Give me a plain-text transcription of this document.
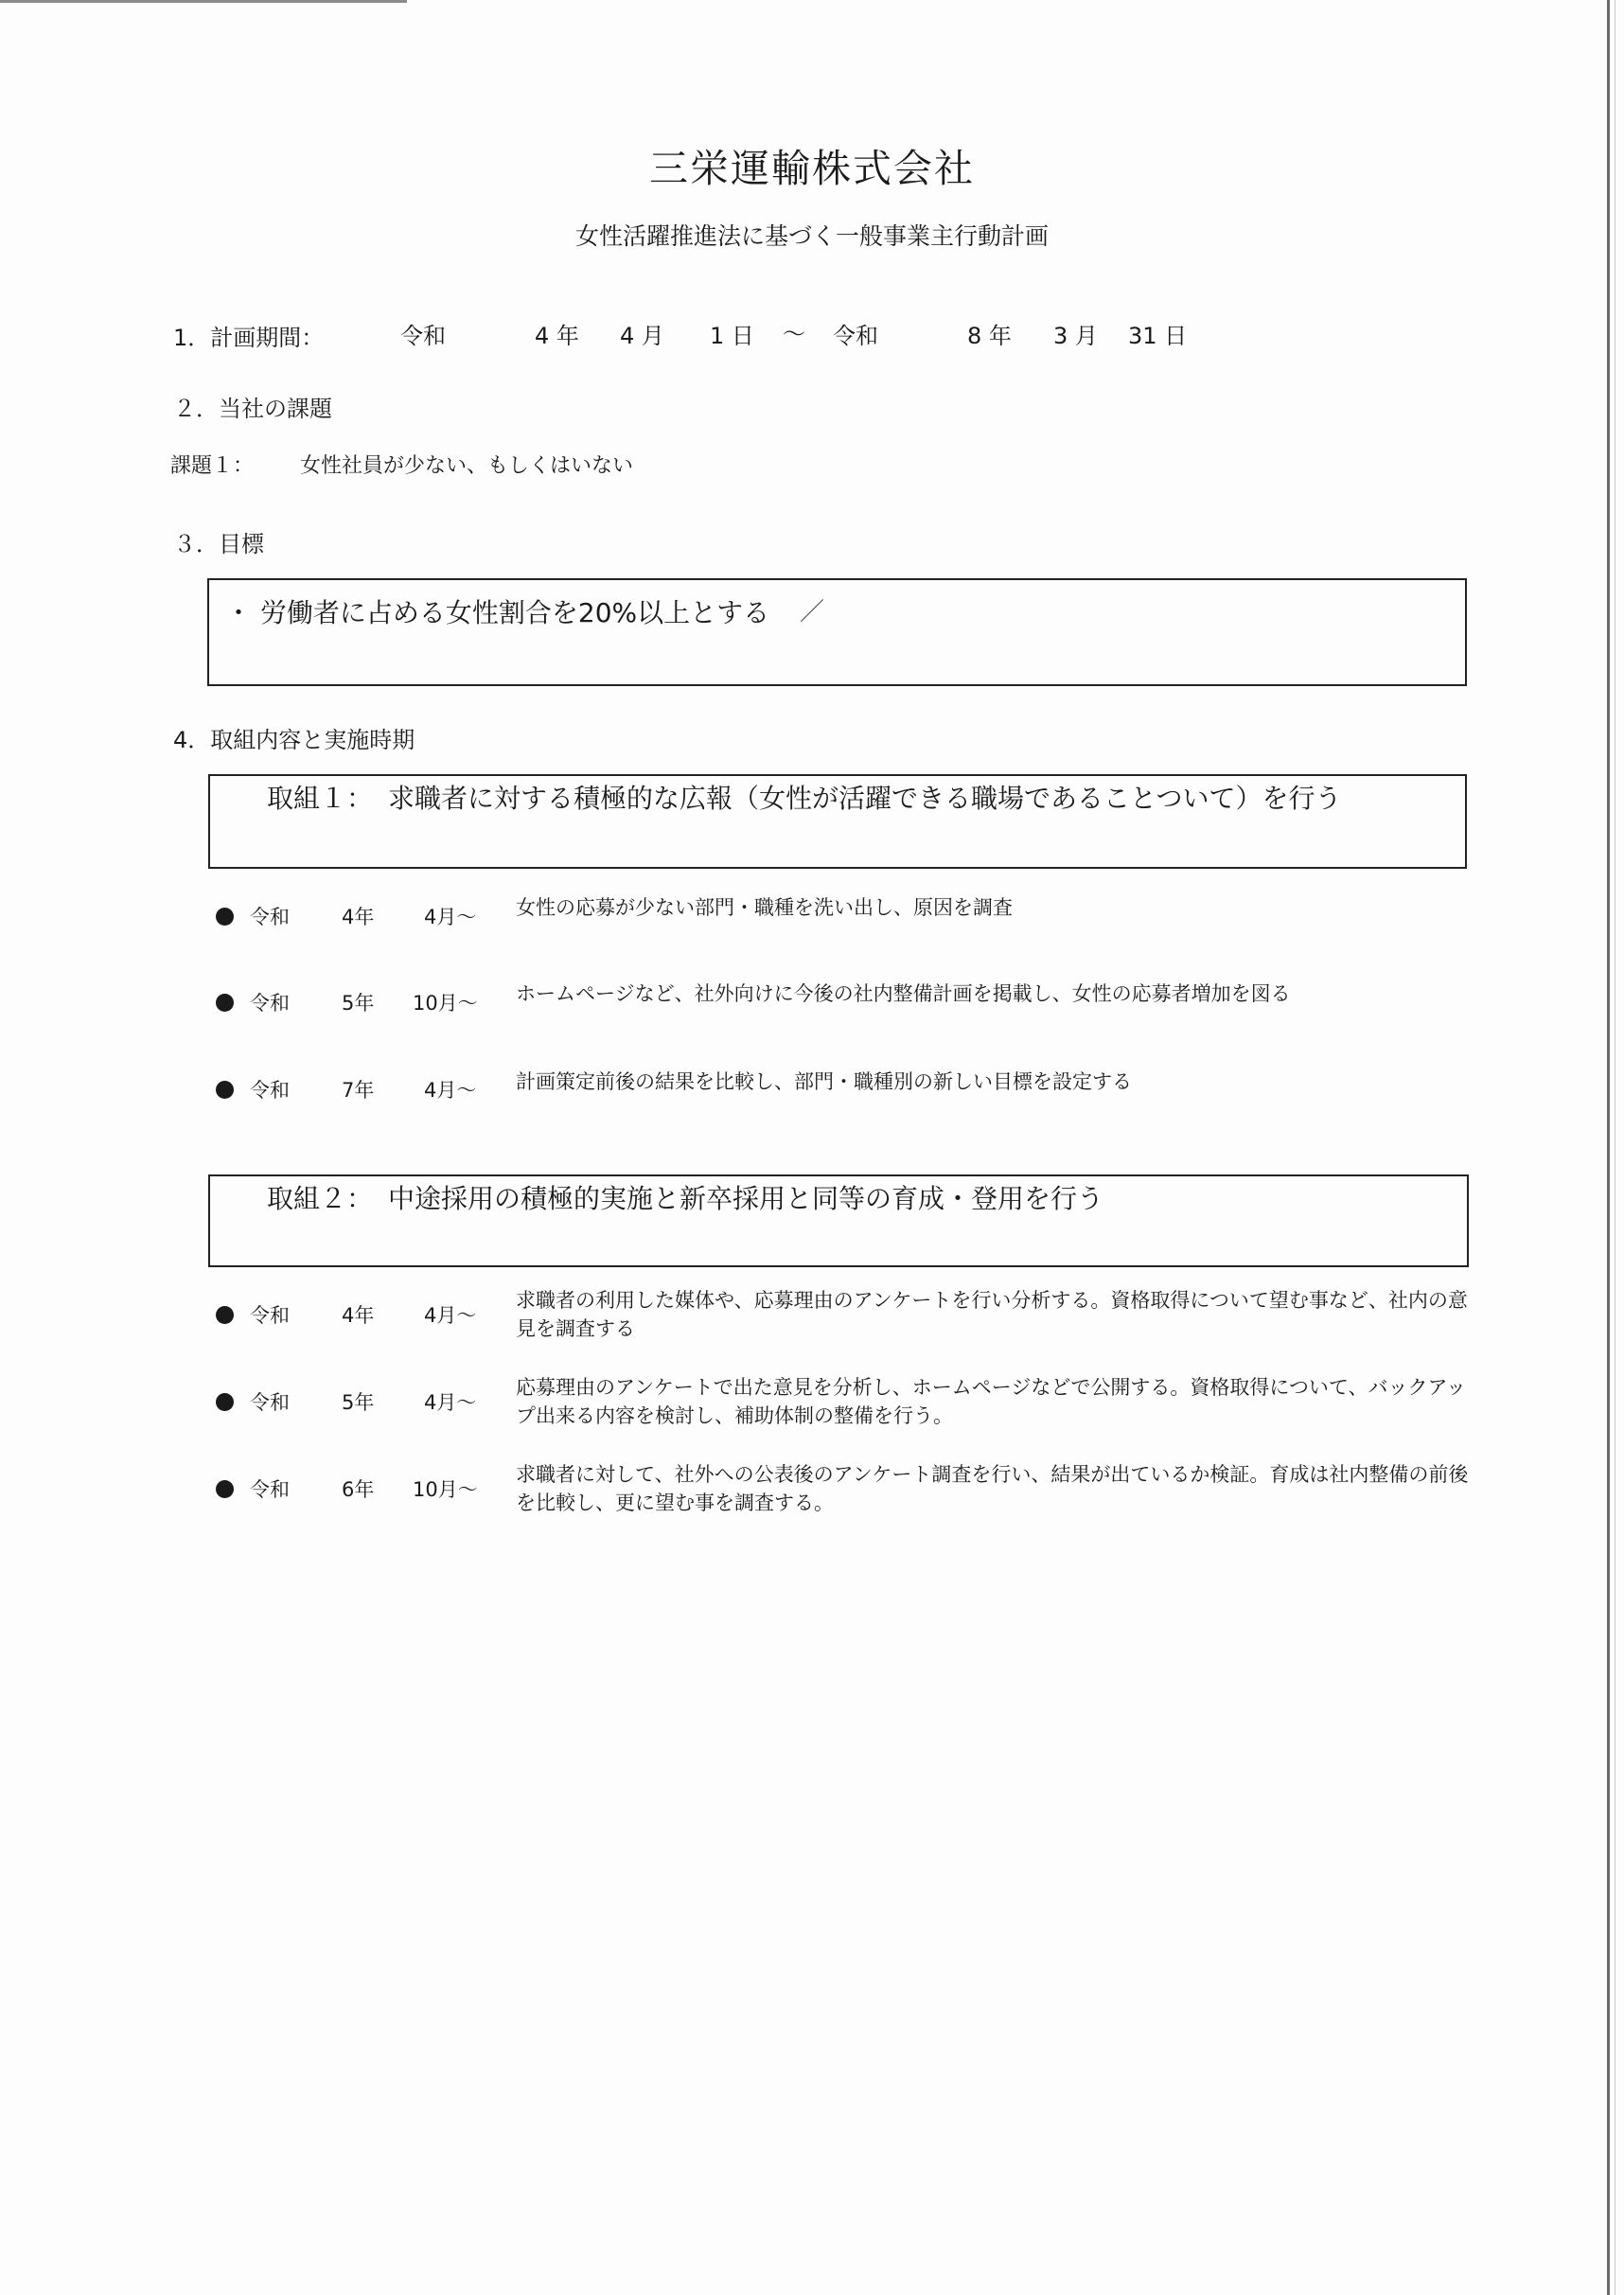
三栄運輸株式会社
女性活躍推進法に基づく一般事業主行動計画
1．計画期間：	令和	4 年 4 月 1 日 ～ 令和	8 年 3 月 31 日
２．当社の課題
課題１： 女性社員が少ない、もしくはいない
３．目標
・ 労働者に占める女性割合を20%以上とする ／
4．取組内容と実施時期
取組１： 求職者に対する積極的な広報（女性が活躍できる職場であることついて）を行う
令和	4年	4月～ 女性の応募が少ない部門・職種を洗い出し、原因を調査
令和	5年 10月～ ホームページなど、社外向けに今後の社内整備計画を掲載し、女性の応募者増加を図る
令和	7年	4月～ 計画策定前後の結果を比較し、部門・職種別の新しい目標を設定する
取組２： 中途採用の積極的実施と新卒採用と同等の育成・登用を行う
令和	4年	4月～
求職者の利用した媒体や、応募理由のアンケートを行い分析する。資格取得について望む事など、社内の意見を調査する
令和	5年	4月～
応募理由のアンケートで出た意見を分析し、ホームページなどで公開する。資格取得について、バックアップ出来る内容を検討し、補助体制の整備を行う。
令和	6年 10月～
求職者に対して、社外への公表後のアンケート調査を行い、結果が出ているか検証。育成は社内整備の前後を比較し、更に望む事を調査する。
